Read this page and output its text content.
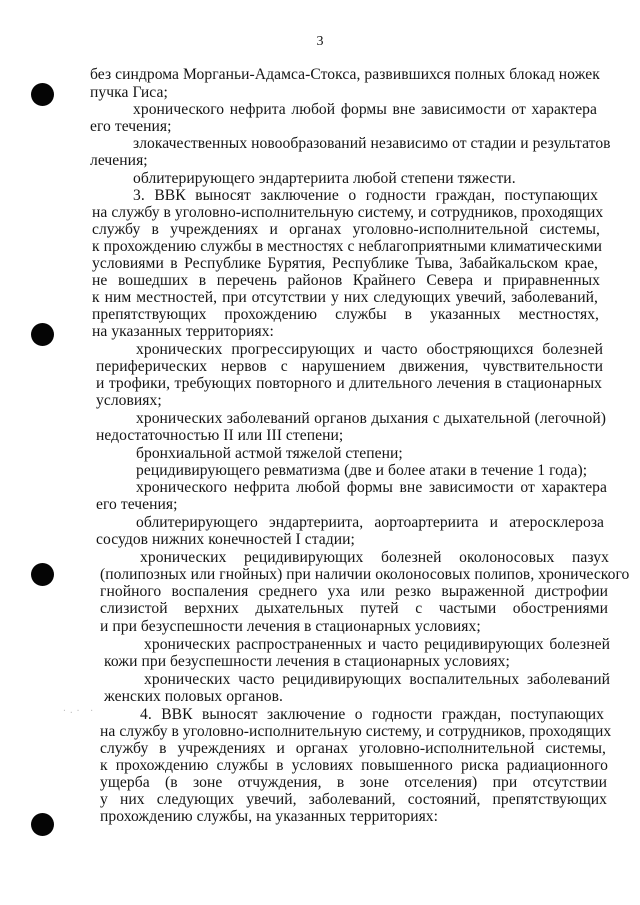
3
·.· ·
без синдрома Морганьи-Адамса-Стокса, развившихся полных блокад ножек
пучка Гиса;
хронического нефрита любой формы вне зависимости от характера
его течения;
злокачественных новообразований независимо от стадии и результатов
лечения;
облитерирующего эндартериита любой степени тяжести.
3. ВВК выносят заключение о годности граждан, поступающих
на службу в уголовно-исполнительную систему, и сотрудников, проходящих
службу в учреждениях и органах уголовно-исполнительной системы,
к прохождению службы в местностях с неблагоприятными климатическими
условиями в Республике Бурятия, Республике Тыва, Забайкальском крае,
не вошедших в перечень районов Крайнего Севера и приравненных
к ним местностей, при отсутствии у них следующих увечий, заболеваний,
препятствующих прохождению службы в указанных местностях,
на указанных территориях:
хронических прогрессирующих и часто обостряющихся болезней
периферических нервов с нарушением движения, чувствительности
и трофики, требующих повторного и длительного лечения в стационарных
условиях;
хронических заболеваний органов дыхания с дыхательной (легочной)
недостаточностью II или III степени;
бронхиальной астмой тяжелой степени;
рецидивирующего ревматизма (две и более атаки в течение 1 года);
хронического нефрита любой формы вне зависимости от характера
его течения;
облитерирующего эндартериита, аортоартериита и атеросклероза
сосудов нижних конечностей I стадии;
хронических рецидивирующих болезней околоносовых пазух
(полипозных или гнойных) при наличии околоносовых полипов, хронического
гнойного воспаления среднего уха или резко выраженной дистрофии
слизистой верхних дыхательных путей с частыми обострениями
и при безуспешности лечения в стационарных условиях;
хронических распространенных и часто рецидивирующих болезней
кожи при безуспешности лечения в стационарных условиях;
хронических часто рецидивирующих воспалительных заболеваний
женских половых органов.
4. ВВК выносят заключение о годности граждан, поступающих
на службу в уголовно-исполнительную систему, и сотрудников, проходящих
службу в учреждениях и органах уголовно-исполнительной системы,
к прохождению службы в условиях повышенного риска радиационного
ущерба (в зоне отчуждения, в зоне отселения) при отсутствии
у них следующих увечий, заболеваний, состояний, препятствующих
прохождению службы, на указанных территориях:
